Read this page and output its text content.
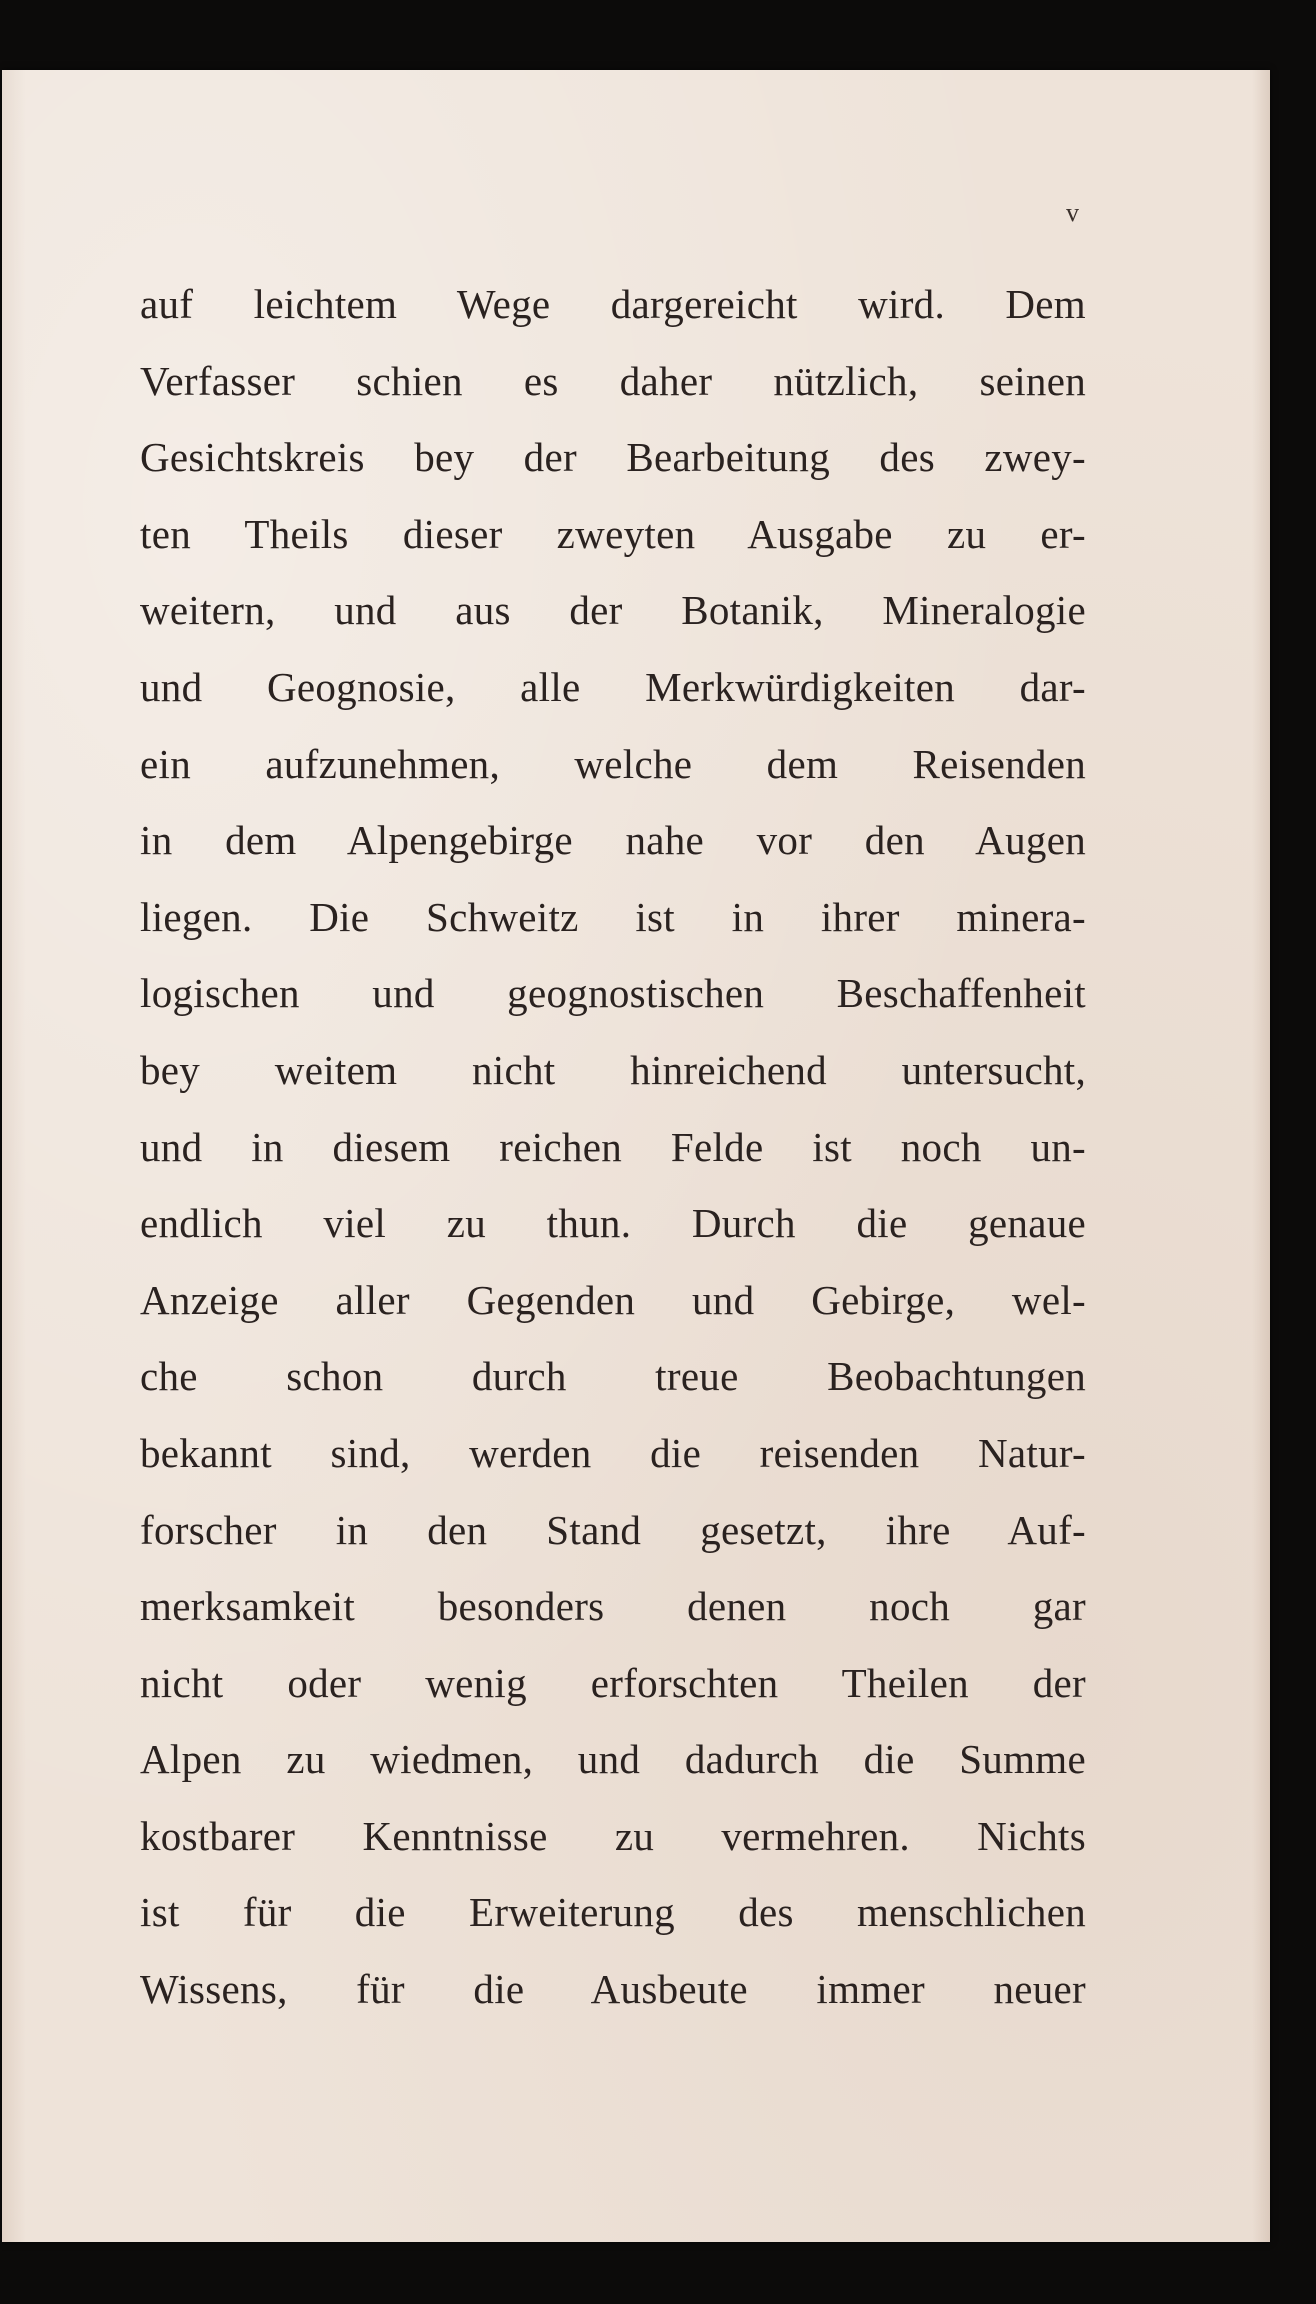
v
auf leichtem Wege dargereicht wird. Dem
Verfasser schien es daher nützlich, seinen
Gesichtskreis bey der Bearbeitung des zwey-
ten Theils dieser zweyten Ausgabe zu er-
weitern, und aus der Botanik, Mineralogie
und Geognosie, alle Merkwürdigkeiten dar-
ein aufzunehmen, welche dem Reisenden
in dem Alpengebirge nahe vor den Augen
liegen. Die Schweitz ist in ihrer minera-
logischen und geognostischen Beschaffenheit
bey weitem nicht hinreichend untersucht,
und in diesem reichen Felde ist noch un-
endlich viel zu thun. Durch die genaue
Anzeige aller Gegenden und Gebirge, wel-
che schon durch treue Beobachtungen
bekannt sind, werden die reisenden Natur-
forscher in den Stand gesetzt, ihre Auf-
merksamkeit besonders denen noch gar
nicht oder wenig erforschten Theilen der
Alpen zu wiedmen, und dadurch die Summe
kostbarer Kenntnisse zu vermehren. Nichts
ist für die Erweiterung des menschlichen
Wissens, für die Ausbeute immer neuer
